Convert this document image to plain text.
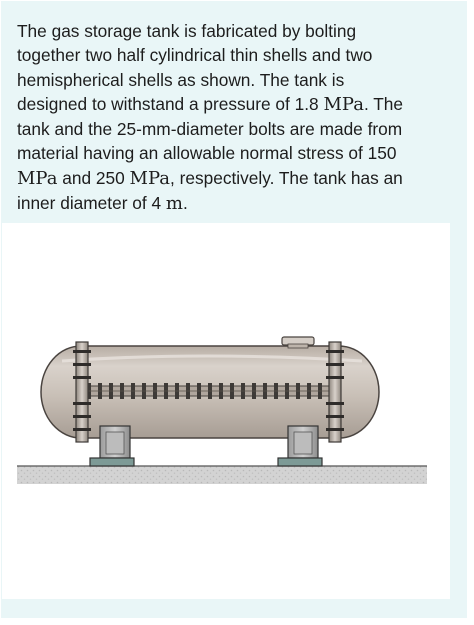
The gas storage tank is fabricated by bolting
together two half cylindrical thin shells and two
hemispherical shells as shown. The tank is
designed to withstand a pressure of 1.8 MPa. The
tank and the 25-mm-diameter bolts are made from
material having an allowable normal stress of 150
MPa and 250 MPa, respectively. The tank has an
inner diameter of 4 m.
